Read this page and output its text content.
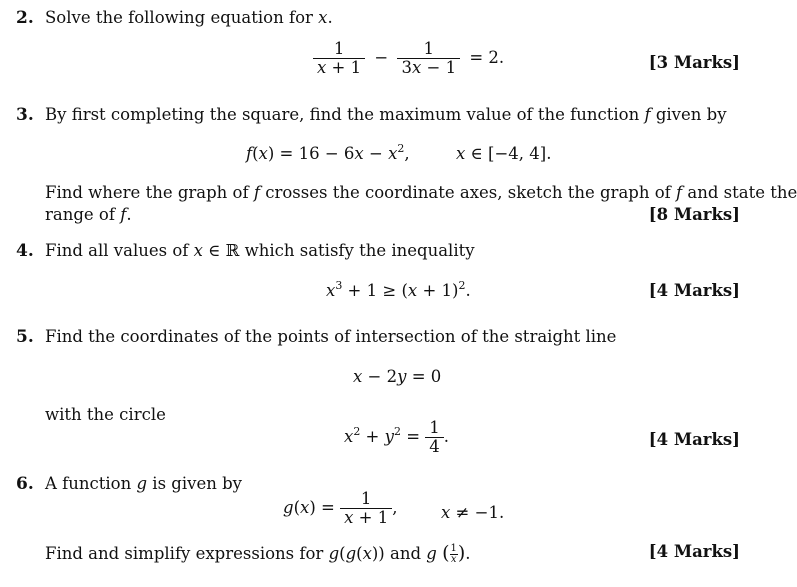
2. Solve the following equation for x.
$\frac{1}{x + 1} - \frac{1}{3x - 1} = 2$.	[3 Marks]
3. By first completing the square, find the maximum value of the function f given by
$f(x) = 16 - 6x - x^2$,	x ∈ [−4, 4].
Find where the graph of f crosses the coordinate axes, sketch the graph of f and state the
range of f.	[8 Marks]
4. Find all values of x ∈ ℝ which satisfy the inequality
$x^3 + 1 \ge (x + 1)^2$.	[4 Marks]
5. Find the coordinates of the points of intersection of the straight line
x − 2y = 0
with the circle
$x^2 + y^2 = \frac{1}{4}$ .	[4 Marks]
6. A function g is given by
$g(x) = \frac{1}{x + 1}$ ,	x ≠ −1.
Find and simplify expressions for g(g(x)) and g ( $\frac{1}{x}$ ).	[4 Marks]
